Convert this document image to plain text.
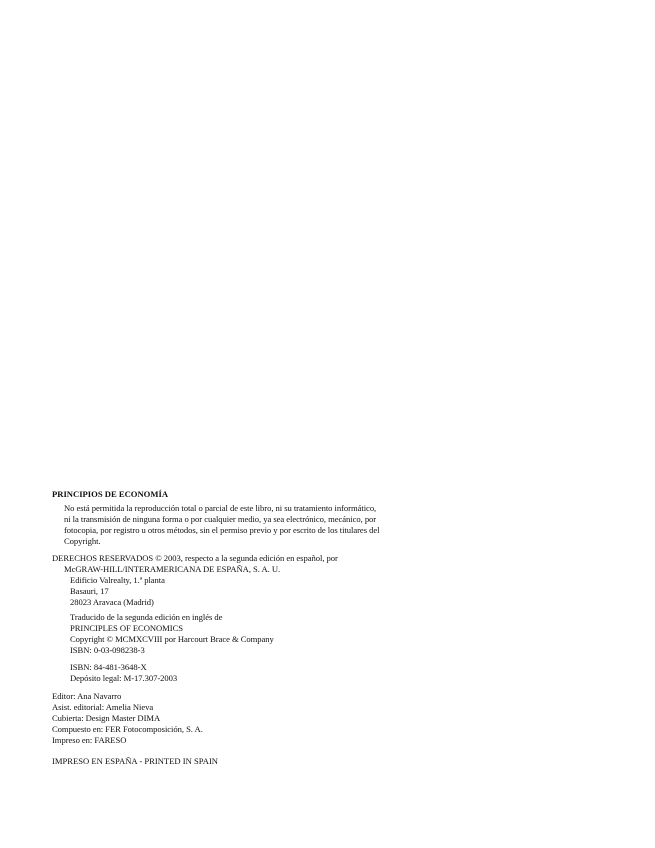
PRINCIPIOS DE ECONOMÍA
No está permitida la reproducción total o parcial de este libro, ni su tratamiento informático,
ni la transmisión de ninguna forma o por cualquier medio, ya sea electrónico, mecánico, por
fotocopia, por registro u otros métodos, sin el permiso previo y por escrito de los titulares del
Copyright.
DERECHOS RESERVADOS © 2003, respecto a la segunda edición en español, por
McGRAW-HILL/INTERAMERICANA DE ESPAÑA, S. A. U.
Edificio Valrealty, 1.ª planta
Basauri, 17
28023 Aravaca (Madrid)
Traducido de la segunda edición en inglés de
PRINCIPLES OF ECONOMICS
Copyright © MCMXCVIII por Harcourt Brace & Company
ISBN: 0-03-098238-3
ISBN: 84-481-3648-X
Depósito legal: M-17.307-2003
Editor: Ana Navarro
Asist. editorial: Amelia Nieva
Cubierta: Design Master DIMA
Compuesto en: FER Fotocomposición, S. A.
Impreso en: FARESO
IMPRESO EN ESPAÑA - PRINTED IN SPAIN
